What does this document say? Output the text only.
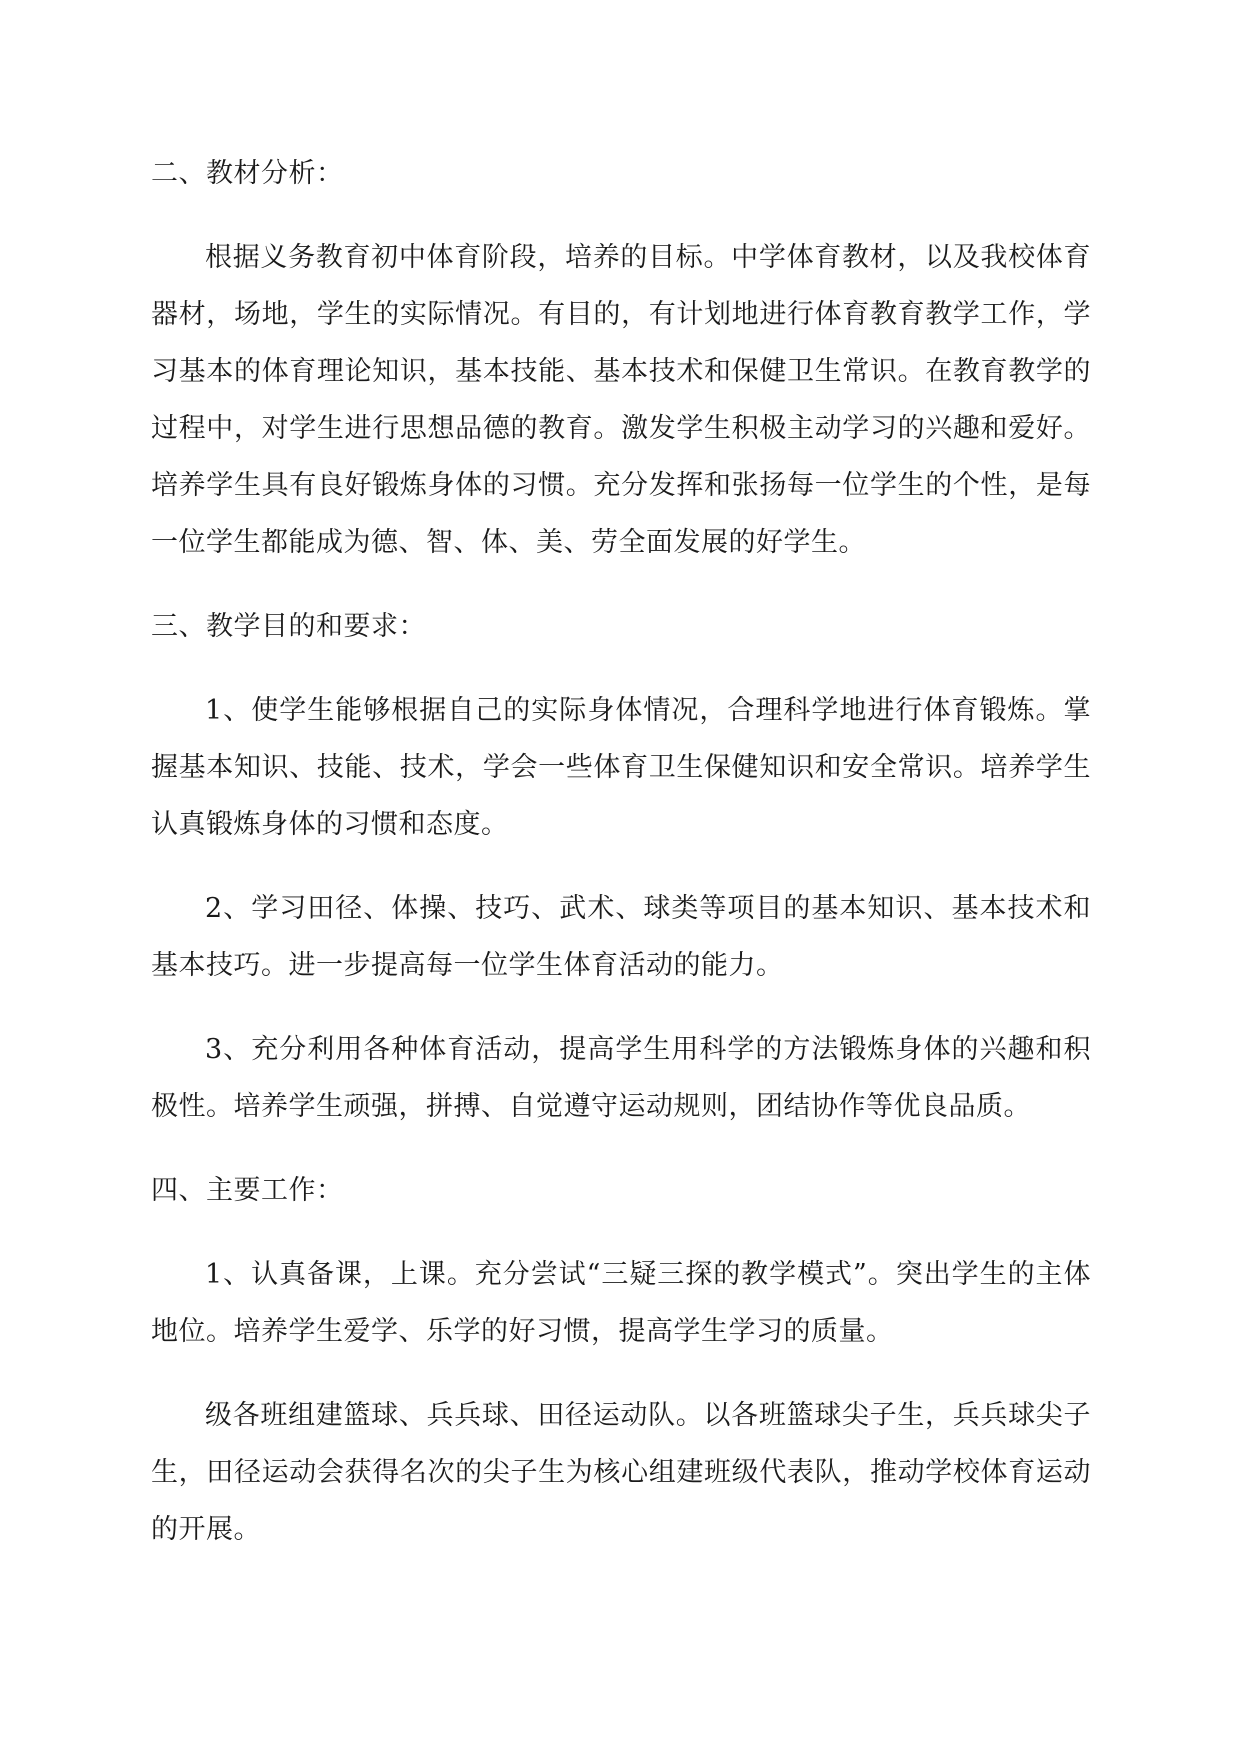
二、教材分析：

根据义务教育初中体育阶段，培养的目标。中学体育教材，以及我校体育器材，场地，学生的实际情况。有目的，有计划地进行体育教育教学工作，学习基本的体育理论知识，基本技能、基本技术和保健卫生常识。在教育教学的过程中，对学生进行思想品德的教育。激发学生积极主动学习的兴趣和爱好。培养学生具有良好锻炼身体的习惯。充分发挥和张扬每一位学生的个性，是每一位学生都能成为德、智、体、美、劳全面发展的好学生。

三、教学目的和要求：

1、使学生能够根据自己的实际身体情况，合理科学地进行体育锻炼。掌握基本知识、技能、技术，学会一些体育卫生保健知识和安全常识。培养学生认真锻炼身体的习惯和态度。

2、学习田径、体操、技巧、武术、球类等项目的基本知识、基本技术和基本技巧。进一步提高每一位学生体育活动的能力。

3、充分利用各种体育活动，提高学生用科学的方法锻炼身体的兴趣和积极性。培养学生顽强，拼搏、自觉遵守运动规则，团结协作等优良品质。

四、主要工作：

1、认真备课，上课。充分尝试“三疑三探的教学模式”。突出学生的主体地位。培养学生爱学、乐学的好习惯，提高学生学习的质量。

级各班组建篮球、兵兵球、田径运动队。以各班篮球尖子生，兵兵球尖子生，田径运动会获得名次的尖子生为核心组建班级代表队，推动学校体育运动的开展。
